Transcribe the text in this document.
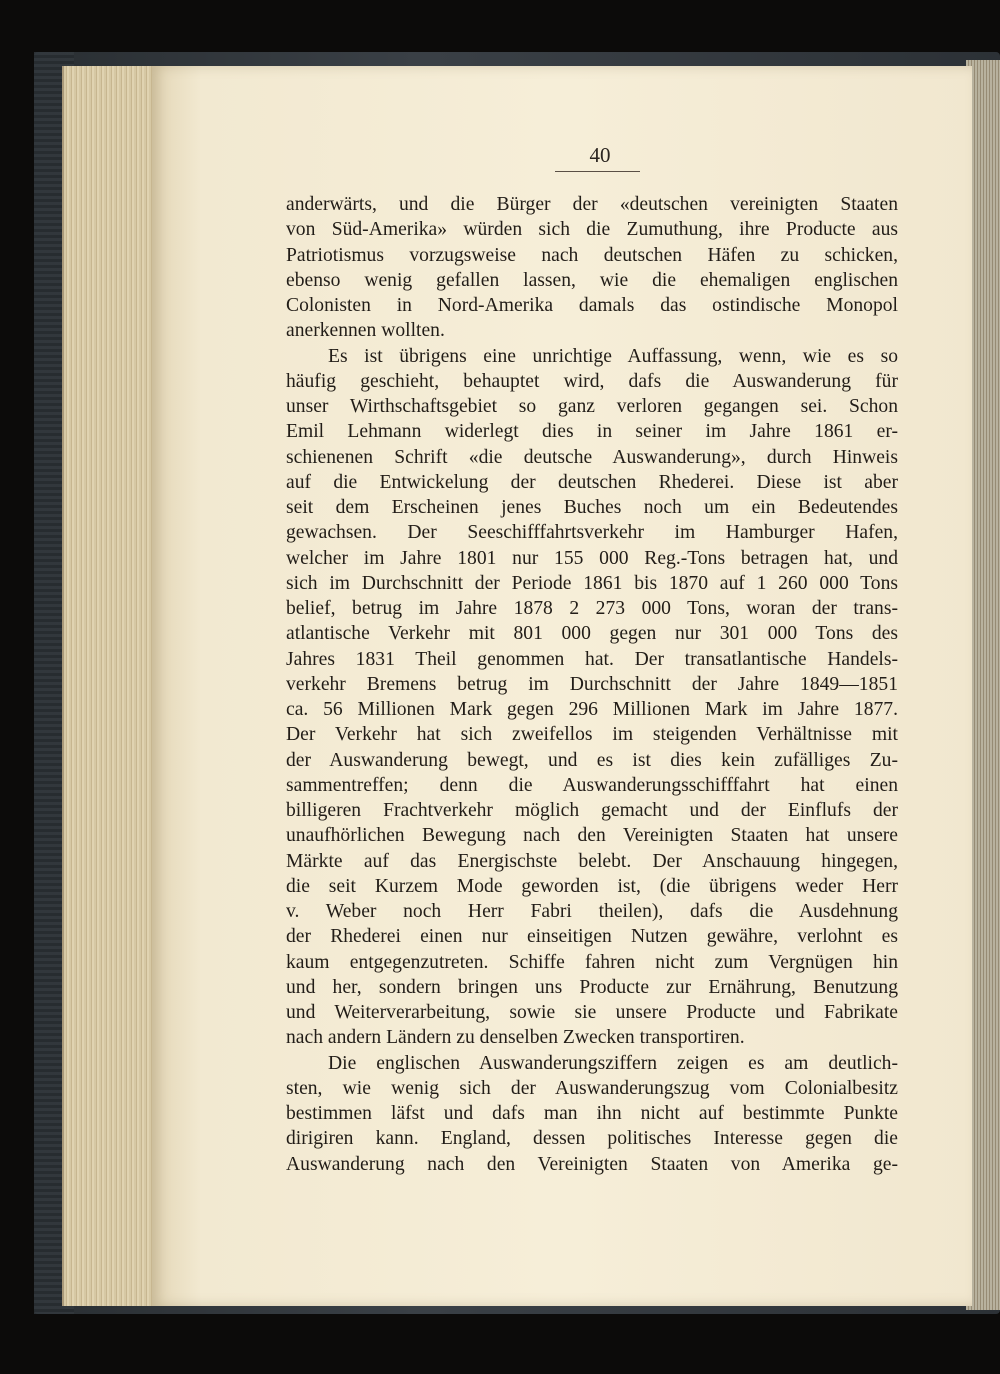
40
anderwärts, und die Bürger der «deutschen vereinigten Staaten
von Süd-Amerika» würden sich die Zumuthung, ihre Producte aus
Patriotismus vorzugsweise nach deutschen Häfen zu schicken,
ebenso wenig gefallen lassen, wie die ehemaligen englischen
Colonisten in Nord-Amerika damals das ostindische Monopol
anerkennen wollten.
Es ist übrigens eine unrichtige Auffassung, wenn, wie es so
häufig geschieht, behauptet wird, dafs die Auswanderung für
unser Wirthschaftsgebiet so ganz verloren gegangen sei. Schon
Emil Lehmann widerlegt dies in seiner im Jahre 1861 er-
schienenen Schrift «die deutsche Auswanderung», durch Hinweis
auf die Entwickelung der deutschen Rhederei. Diese ist aber
seit dem Erscheinen jenes Buches noch um ein Bedeutendes
gewachsen. Der Seeschifffahrtsverkehr im Hamburger Hafen,
welcher im Jahre 1801 nur 155 000 Reg.-Tons betragen hat, und
sich im Durchschnitt der Periode 1861 bis 1870 auf 1 260 000 Tons
belief, betrug im Jahre 1878 2 273 000 Tons, woran der trans-
atlantische Verkehr mit 801 000 gegen nur 301 000 Tons des
Jahres 1831 Theil genommen hat. Der transatlantische Handels-
verkehr Bremens betrug im Durchschnitt der Jahre 1849—1851
ca. 56 Millionen Mark gegen 296 Millionen Mark im Jahre 1877.
Der Verkehr hat sich zweifellos im steigenden Verhältnisse mit
der Auswanderung bewegt, und es ist dies kein zufälliges Zu-
sammentreffen; denn die Auswanderungsschifffahrt hat einen
billigeren Frachtverkehr möglich gemacht und der Einflufs der
unaufhörlichen Bewegung nach den Vereinigten Staaten hat unsere
Märkte auf das Energischste belebt. Der Anschauung hingegen,
die seit Kurzem Mode geworden ist, (die übrigens weder Herr
v. Weber noch Herr Fabri theilen), dafs die Ausdehnung
der Rhederei einen nur einseitigen Nutzen gewähre, verlohnt es
kaum entgegenzutreten. Schiffe fahren nicht zum Vergnügen hin
und her, sondern bringen uns Producte zur Ernährung, Benutzung
und Weiterverarbeitung, sowie sie unsere Producte und Fabrikate
nach andern Ländern zu denselben Zwecken transportiren.
Die englischen Auswanderungsziffern zeigen es am deutlich-
sten, wie wenig sich der Auswanderungszug vom Colonialbesitz
bestimmen läfst und dafs man ihn nicht auf bestimmte Punkte
dirigiren kann. England, dessen politisches Interesse gegen die
Auswanderung nach den Vereinigten Staaten von Amerika ge-
